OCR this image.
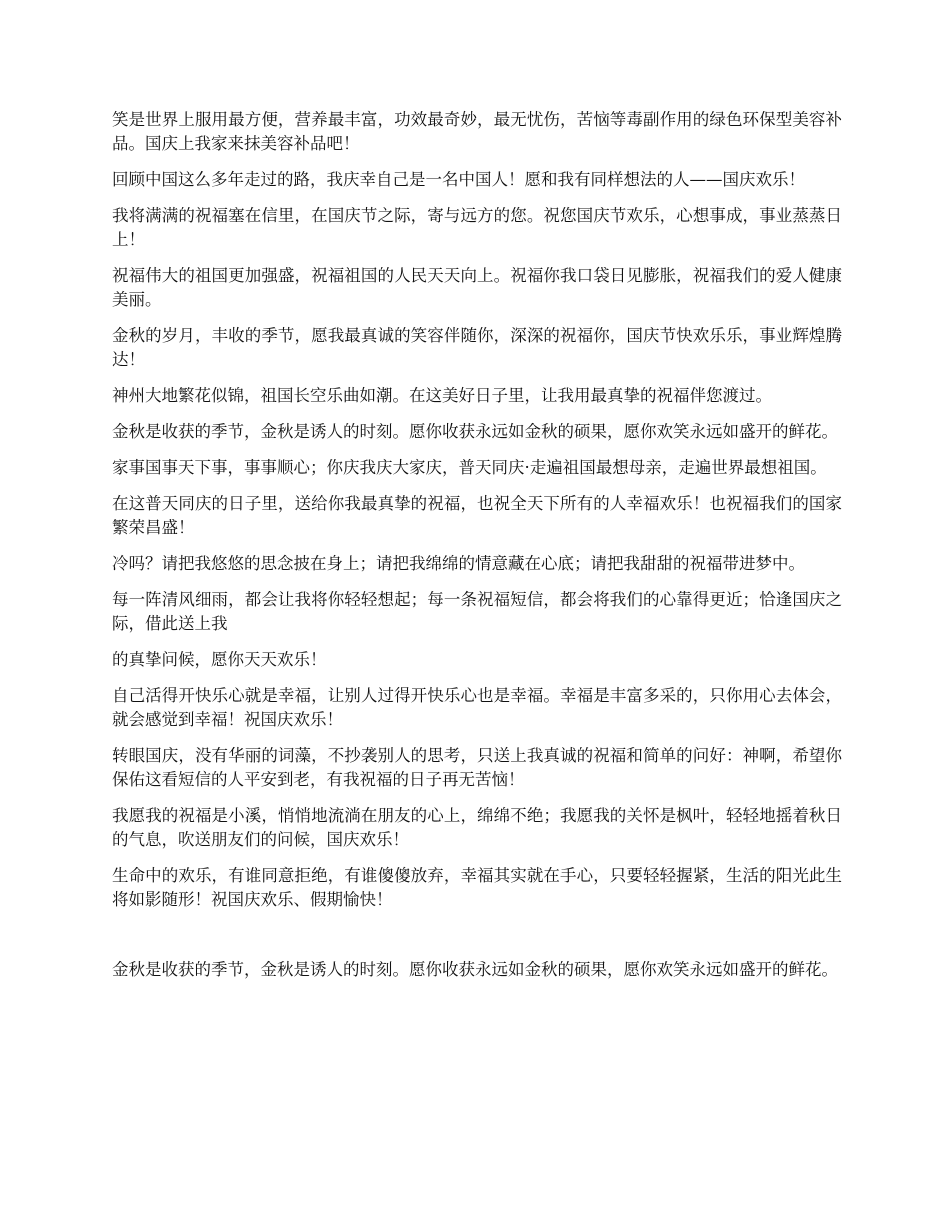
笑是世界上服用最方便，营养最丰富，功效最奇妙，最无忧伤，苦恼等毒副作用的绿色环保型美容补品。国庆上我家来抹美容补品吧！

回顾中国这么多年走过的路，我庆幸自己是一名中国人！愿和我有同样想法的人——国庆欢乐！

我将满满的祝福塞在信里，在国庆节之际，寄与远方的您。祝您国庆节欢乐，心想事成，事业蒸蒸日上！

祝福伟大的祖国更加强盛，祝福祖国的人民天天向上。祝福你我口袋日见膨胀，祝福我们的爱人健康美丽。

金秋的岁月，丰收的季节，愿我最真诚的笑容伴随你，深深的祝福你，国庆节快欢乐乐，事业辉煌腾达！

神州大地繁花似锦，祖国长空乐曲如潮。在这美好日子里，让我用最真挚的祝福伴您渡过。

金秋是收获的季节，金秋是诱人的时刻。愿你收获永远如金秋的硕果，愿你欢笑永远如盛开的鲜花。

家事国事天下事，事事顺心；你庆我庆大家庆，普天同庆·走遍祖国最想母亲，走遍世界最想祖国。

在这普天同庆的日子里，送给你我最真挚的祝福，也祝全天下所有的人幸福欢乐！也祝福我们的国家繁荣昌盛！

冷吗？请把我悠悠的思念披在身上；请把我绵绵的情意藏在心底；请把我甜甜的祝福带进梦中。

每一阵清风细雨，都会让我将你轻轻想起；每一条祝福短信，都会将我们的心靠得更近；恰逢国庆之际，借此送上我

的真挚问候，愿你天天欢乐！

自己活得开快乐心就是幸福，让别人过得开快乐心也是幸福。幸福是丰富多采的，只你用心去体会，就会感觉到幸福！祝国庆欢乐！

转眼国庆，没有华丽的词藻，不抄袭别人的思考，只送上我真诚的祝福和简单的问好：神啊，希望你保佑这看短信的人平安到老，有我祝福的日子再无苦恼！

我愿我的祝福是小溪，悄悄地流淌在朋友的心上，绵绵不绝；我愿我的关怀是枫叶，轻轻地摇着秋日的气息，吹送朋友们的问候，国庆欢乐！

生命中的欢乐，有谁同意拒绝，有谁傻傻放弃，幸福其实就在手心，只要轻轻握紧，生活的阳光此生将如影随形！祝国庆欢乐、假期愉快！

金秋是收获的季节，金秋是诱人的时刻。愿你收获永远如金秋的硕果，愿你欢笑永远如盛开的鲜花。
